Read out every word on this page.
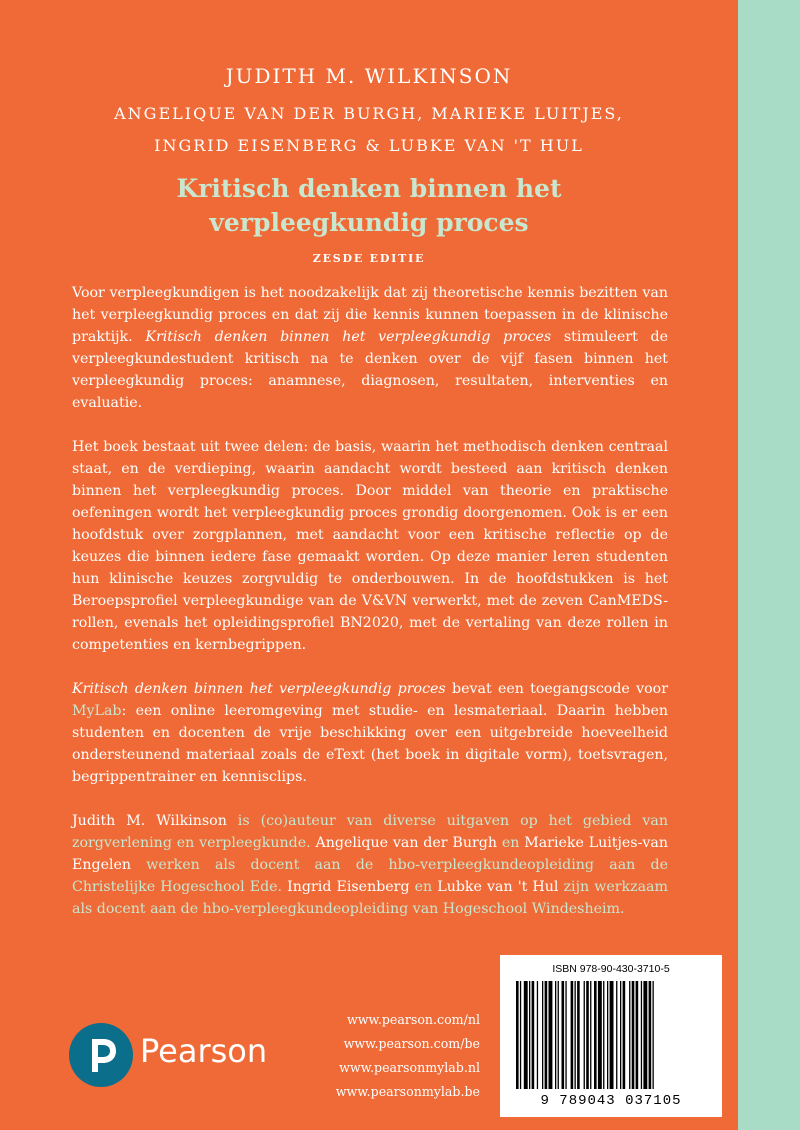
JUDITH M. WILKINSON
ANGELIQUE VAN DER BURGH, MARIEKE LUITJES,
INGRID EISENBERG & LUBKE VAN 'T HUL
Kritisch denken binnen het
verpleegkundig proces
ZESDE EDITIE

Voor verpleegkundigen is het noodzakelijk dat zij theoretische kennis bezitten van het verpleegkundig proces en dat zij die kennis kunnen toepassen in de klinische praktijk. Kritisch denken binnen het verpleegkundig proces stimuleert de verpleegkundestudent kritisch na te denken over de vijf fasen binnen het verpleegkundig proces: anamnese, diagnosen, resultaten, interventies en evaluatie.

Het boek bestaat uit twee delen: de basis, waarin het methodisch denken centraal staat, en de verdieping, waarin aandacht wordt besteed aan kritisch denken binnen het verpleegkundig proces. Door middel van theorie en praktische oefeningen wordt het verpleegkundig proces grondig doorgenomen. Ook is er een hoofdstuk over zorgplannen, met aandacht voor een kritische reflectie op de keuzes die binnen iedere fase gemaakt worden. Op deze manier leren studenten hun klinische keuzes zorgvuldig te onderbouwen. In de hoofdstukken is het Beroepsprofiel verpleegkundige van de V&VN verwerkt, met de zeven CanMEDS-rollen, evenals het opleidingsprofiel BN2020, met de vertaling van deze rollen in competenties en kernbegrippen.

Kritisch denken binnen het verpleegkundig proces bevat een toegangscode voor MyLab: een online leeromgeving met studie- en lesmateriaal. Daarin hebben studenten en docenten de vrije beschikking over een uitgebreide hoeveelheid ondersteunend materiaal zoals de eText (het boek in digitale vorm), toetsvragen, begrippentrainer en kennisclips.

Judith M. Wilkinson is (co)auteur van diverse uitgaven op het gebied van zorgverlening en verpleegkunde. Angelique van der Burgh en Marieke Luitjes-van Engelen werken als docent aan de hbo-verpleegkundeopleiding aan de Christelijke Hogeschool Ede. Ingrid Eisenberg en Lubke van 't Hul zijn werkzaam als docent aan de hbo-verpleegkundeopleiding van Hogeschool Windesheim.

Pearson
www.pearson.com/nl
www.pearson.com/be
www.pearsonmylab.nl
www.pearsonmylab.be
ISBN 978-90-430-3710-5
9 789043 037105
